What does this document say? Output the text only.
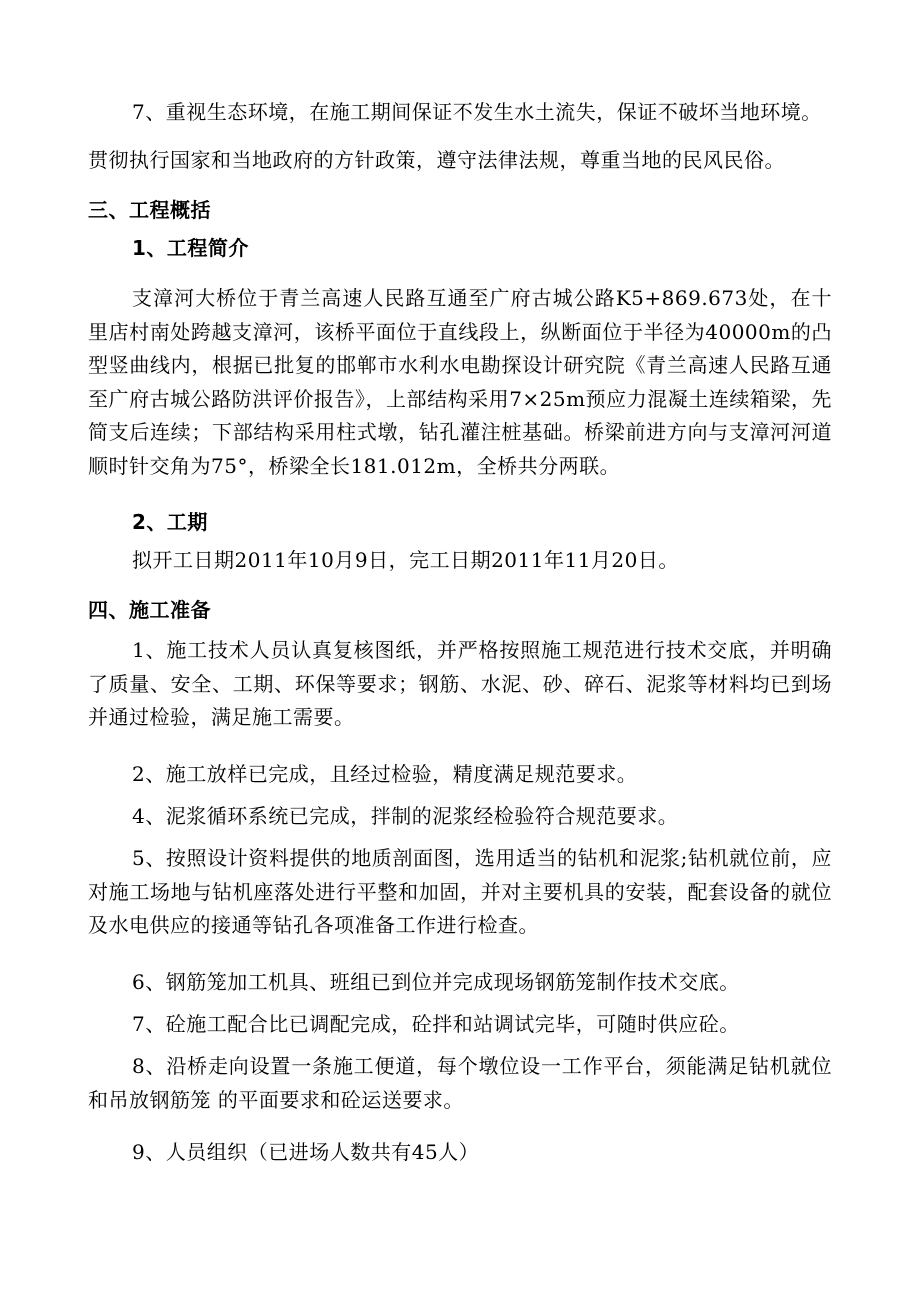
7、重视生态环境，在施工期间保证不发生水土流失，保证不破坏当地环境。
贯彻执行国家和当地政府的方针政策，遵守法律法规，尊重当地的民风民俗。
三、工程概括
1、工程简介
支漳河大桥位于青兰高速人民路互通至广府古城公路K5+869.673处，在十里店村南处跨越支漳河，该桥平面位于直线段上，纵断面位于半径为40000m的凸型竖曲线内，根据已批复的邯郸市水利水电勘探设计研究院《青兰高速人民路互通至广府古城公路防洪评价报告》，上部结构采用7×25m预应力混凝土连续箱梁，先简支后连续；下部结构采用柱式墩，钻孔灌注桩基础。桥梁前进方向与支漳河河道顺时针交角为75°，桥梁全长181.012m，全桥共分两联。
2、工期
拟开工日期2011年10月9日，完工日期2011年11月20日。
四、施工准备
1、施工技术人员认真复核图纸，并严格按照施工规范进行技术交底，并明确了质量、安全、工期、环保等要求；钢筋、水泥、砂、碎石、泥浆等材料均已到场并通过检验，满足施工需要。
2、施工放样已完成，且经过检验，精度满足规范要求。
4、泥浆循环系统已完成，拌制的泥浆经检验符合规范要求。
5、按照设计资料提供的地质剖面图，选用适当的钻机和泥浆;钻机就位前，应对施工场地与钻机座落处进行平整和加固，并对主要机具的安装，配套设备的就位及水电供应的接通等钻孔各项准备工作进行检查。
6、钢筋笼加工机具、班组已到位并完成现场钢筋笼制作技术交底。
7、砼施工配合比已调配完成，砼拌和站调试完毕，可随时供应砼。
8、沿桥走向设置一条施工便道，每个墩位设一工作平台，须能满足钻机就位和吊放钢筋笼 的平面要求和砼运送要求。
9、人员组织（已进场人数共有45人）
